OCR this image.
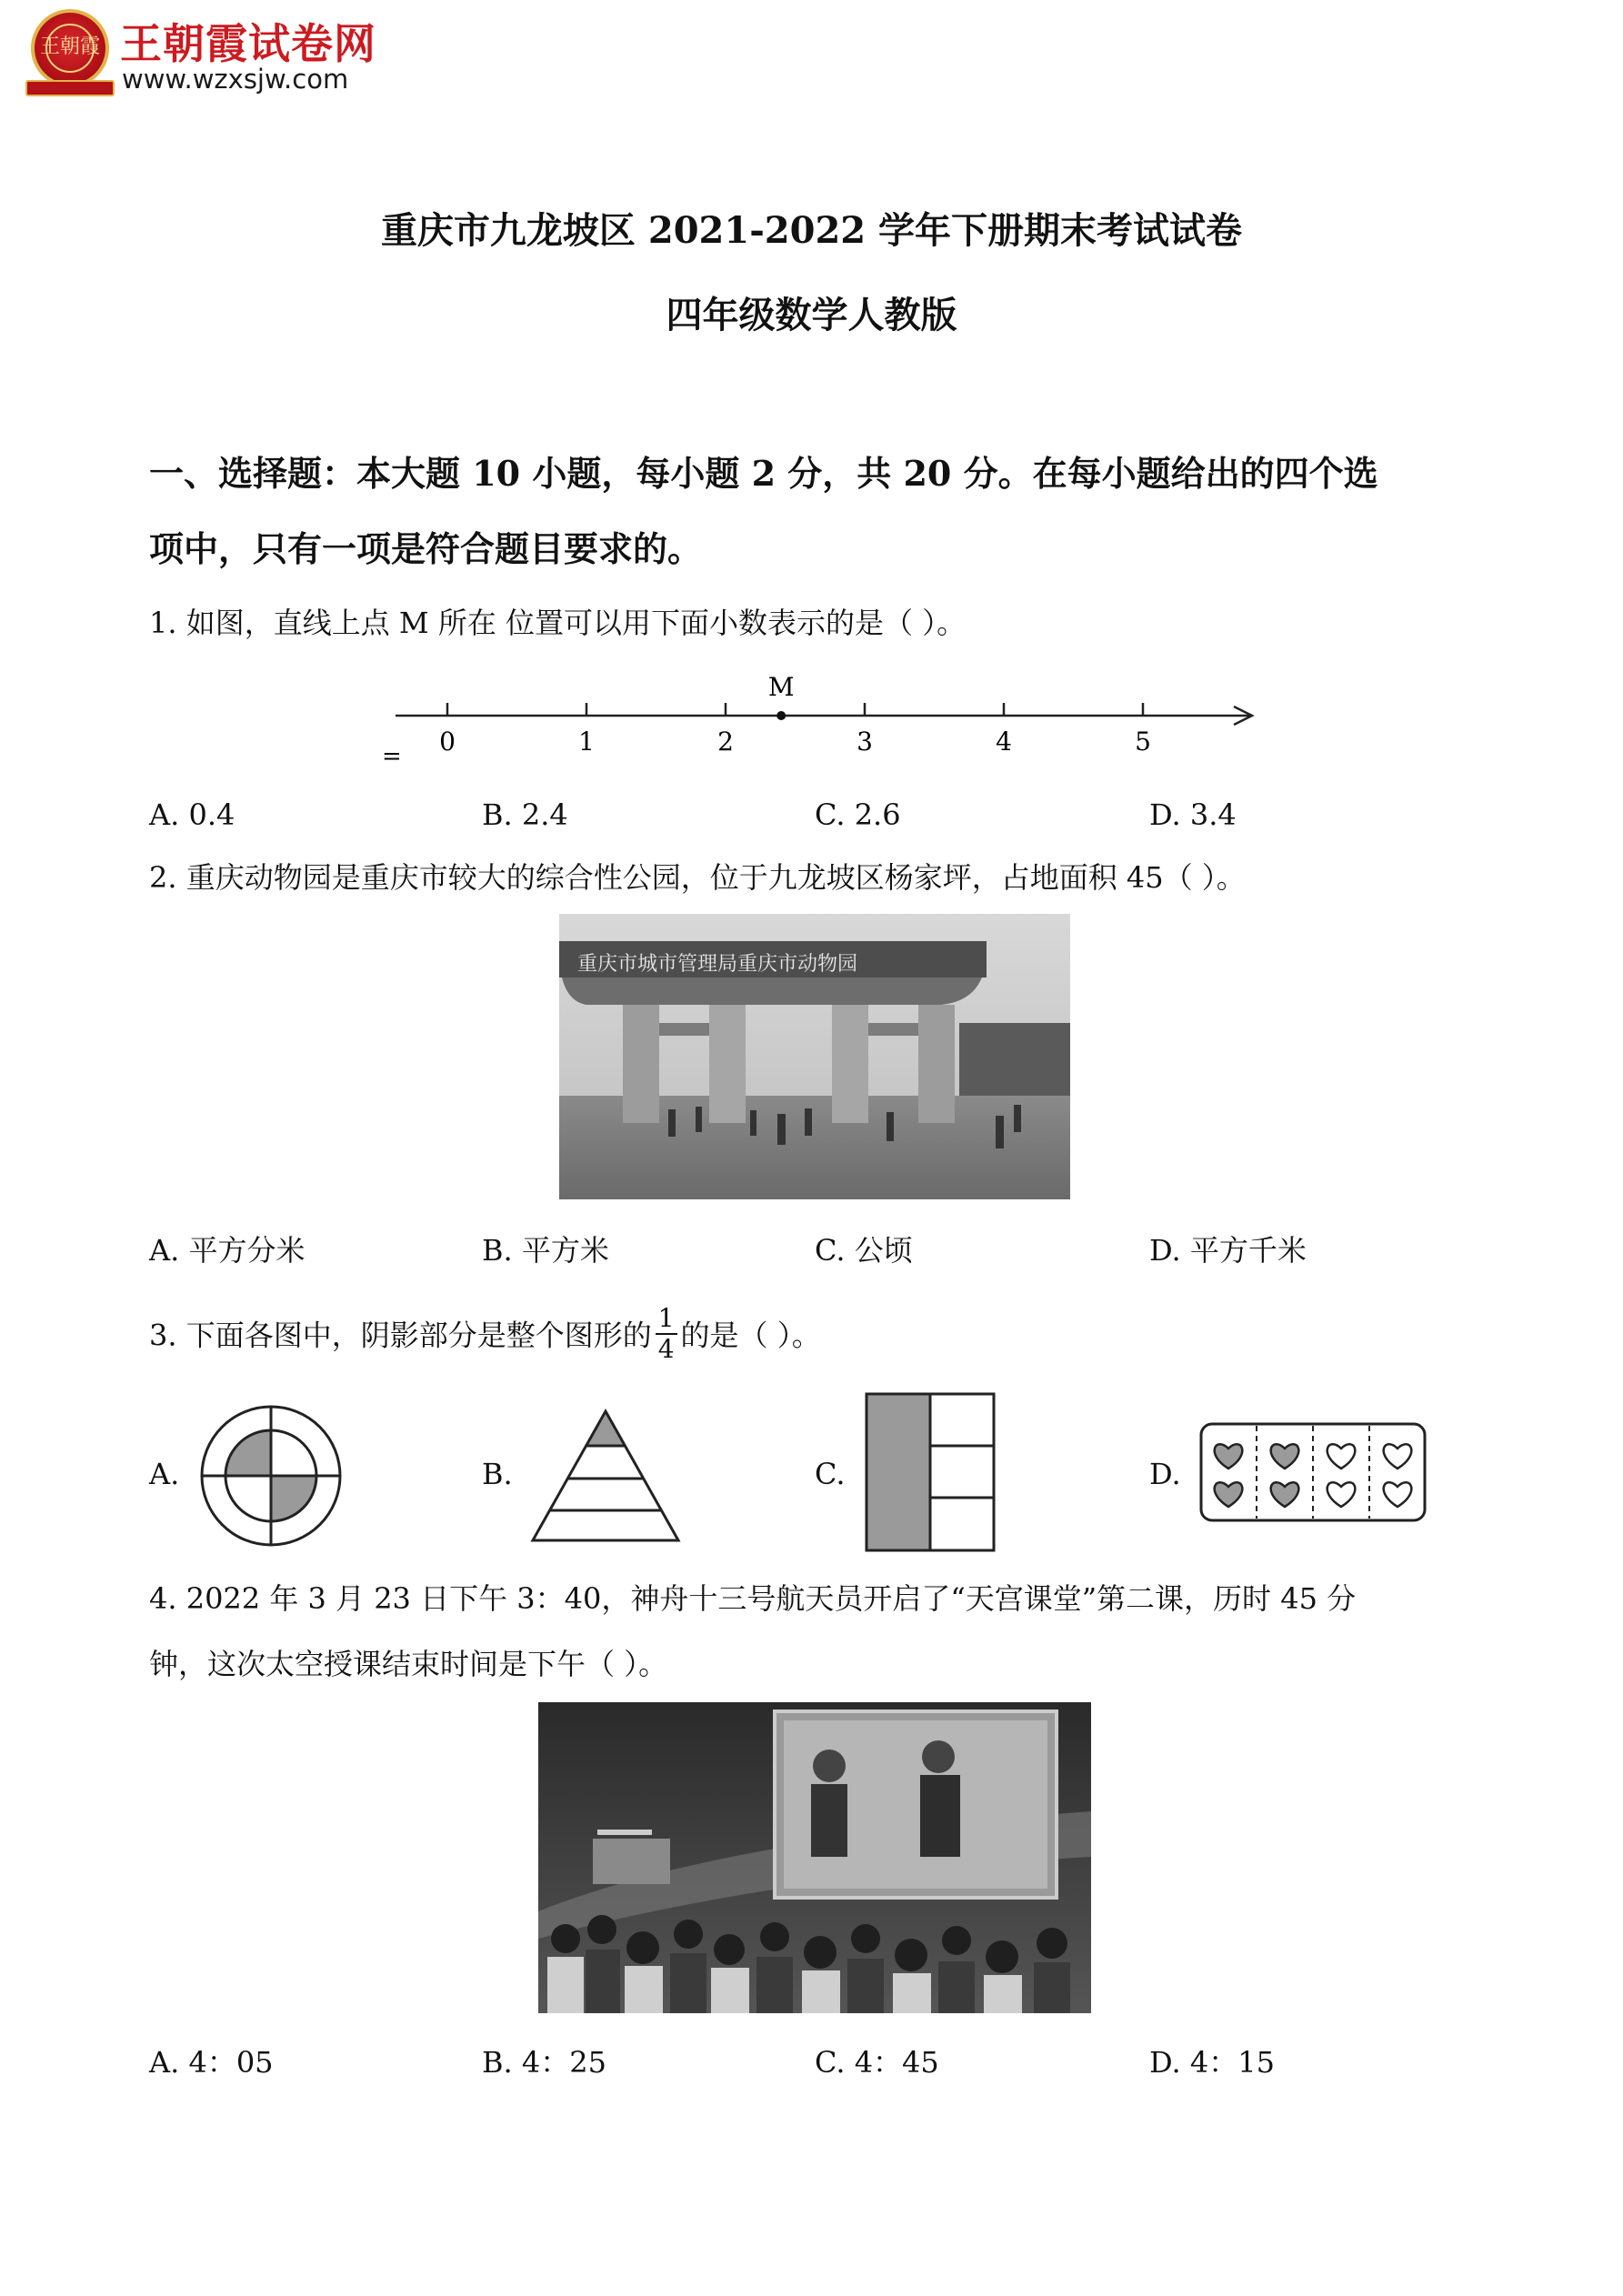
王朝霞 王朝霞试卷网
www.wzxsjw.com
重庆市九龙坡区 2021-2022 学年下册期末考试试卷
四年级数学人教版
一、选择题：本大题 10 小题，每小题 2 分，共 20 分。在每小题给出的四个选
项中，只有一项是符合题目要求的。
1. 如图，直线上点 M 所在 位置可以用下面小数表示的是（ ）。
0	1	2	3	4	5
M
=
A. 0.4	B. 2.4	C. 2.6	D. 3.4
2. 重庆动物园是重庆市较大的综合性公园，位于九龙坡区杨家坪，占地面积 45（ ）。
重庆市城市管理局重庆市动物园
A. 平方分米	B. 平方米	C. 公顷	D. 平方千米
3. 下面各图中，阴影部分是整个图形的 $\frac{1}{4}$ 的是（ ）。
A.	B.	C.	D.
4. 2022 年 3 月 23 日下午 3：40，神舟十三号航天员开启了“天宫课堂”第二课，历时 45 分
钟，这次太空授课结束时间是下午（ ）。
A. 4：05	B. 4：25	C. 4：45	D. 4：15
